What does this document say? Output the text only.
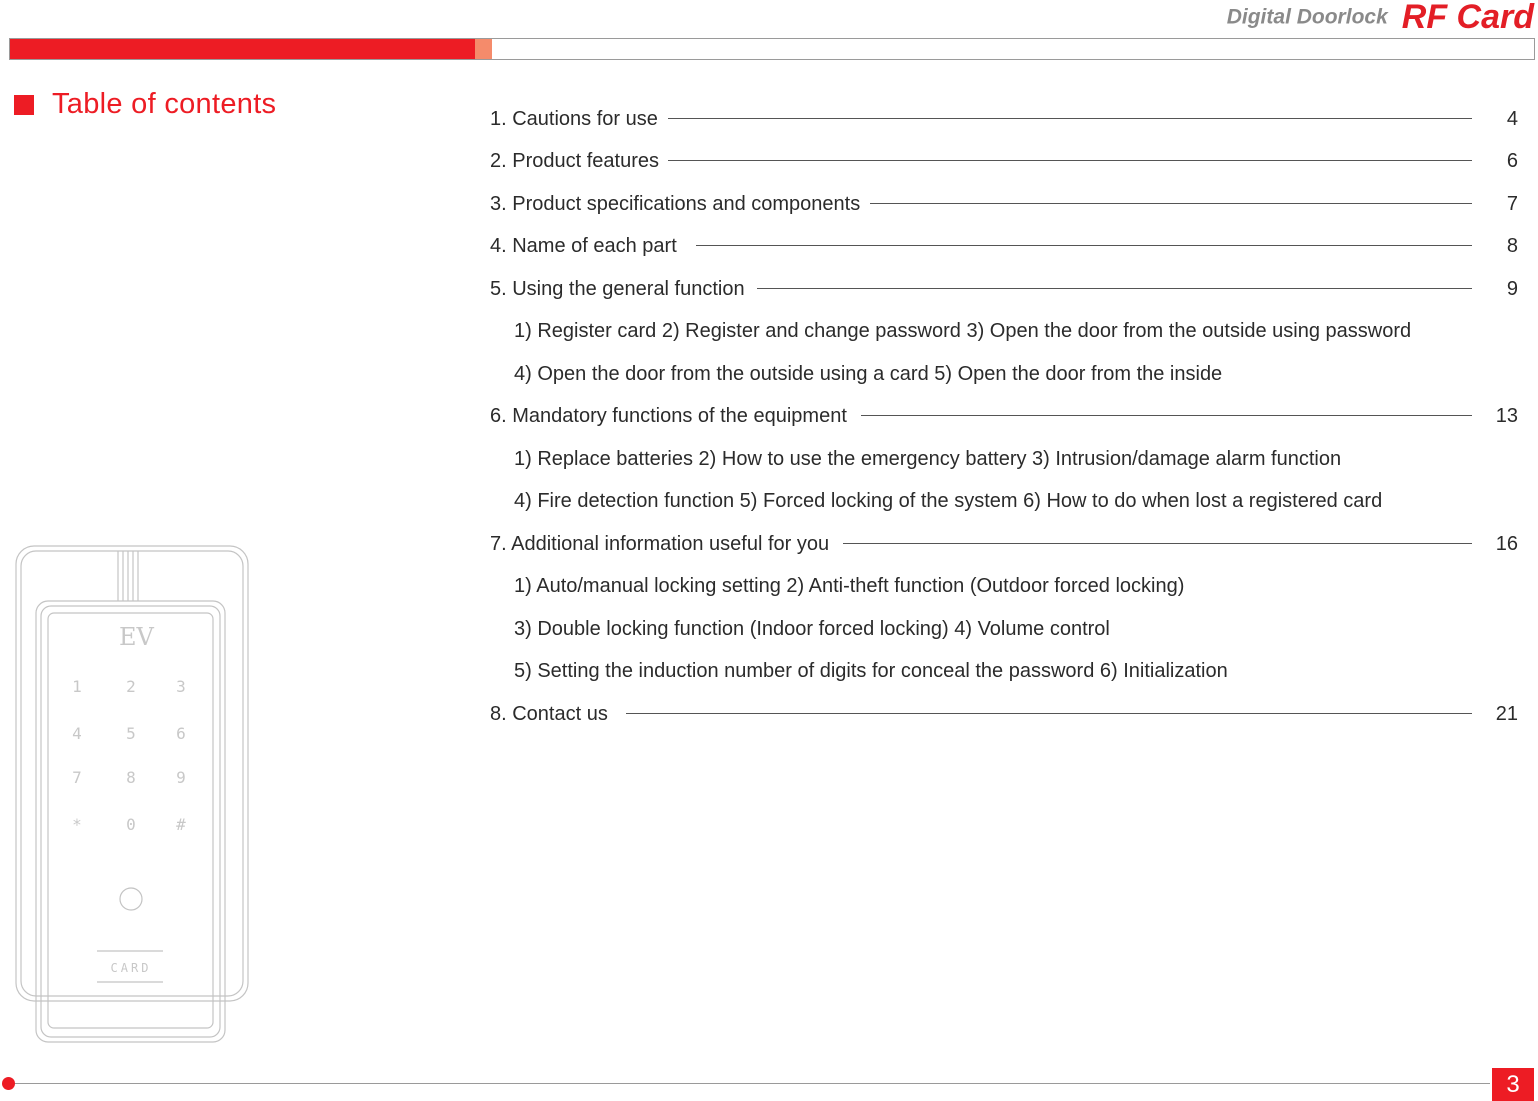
Digital Doorlock RF Card
Table of contents	1. Cautions for use	4
2. Product features	6
3. Product specifications and components	7
4. Name of each part	8
5. Using the general function	9
1) Register card 2) Register and change password 3) Open the door from the outside using password
4) Open the door from the outside using a card 5) Open the door from the inside
6. Mandatory functions of the equipment	13
1) Replace batteries 2) How to use the emergency battery 3) Intrusion/damage alarm function
4) Fire detection function 5) Forced locking of the system 6) How to do when lost a registered card
7. Additional information useful for you	16
1) Auto/manual locking setting 2) Anti-theft function (Outdoor forced locking)
3) Double locking function (Indoor forced locking) 4) Volume control
5) Setting the induction number of digits for conceal the password 6) Initialization
8. Contact us	21
EV
1	2	3
4	5	6
7	8	9
*	0	#
CARD
3
